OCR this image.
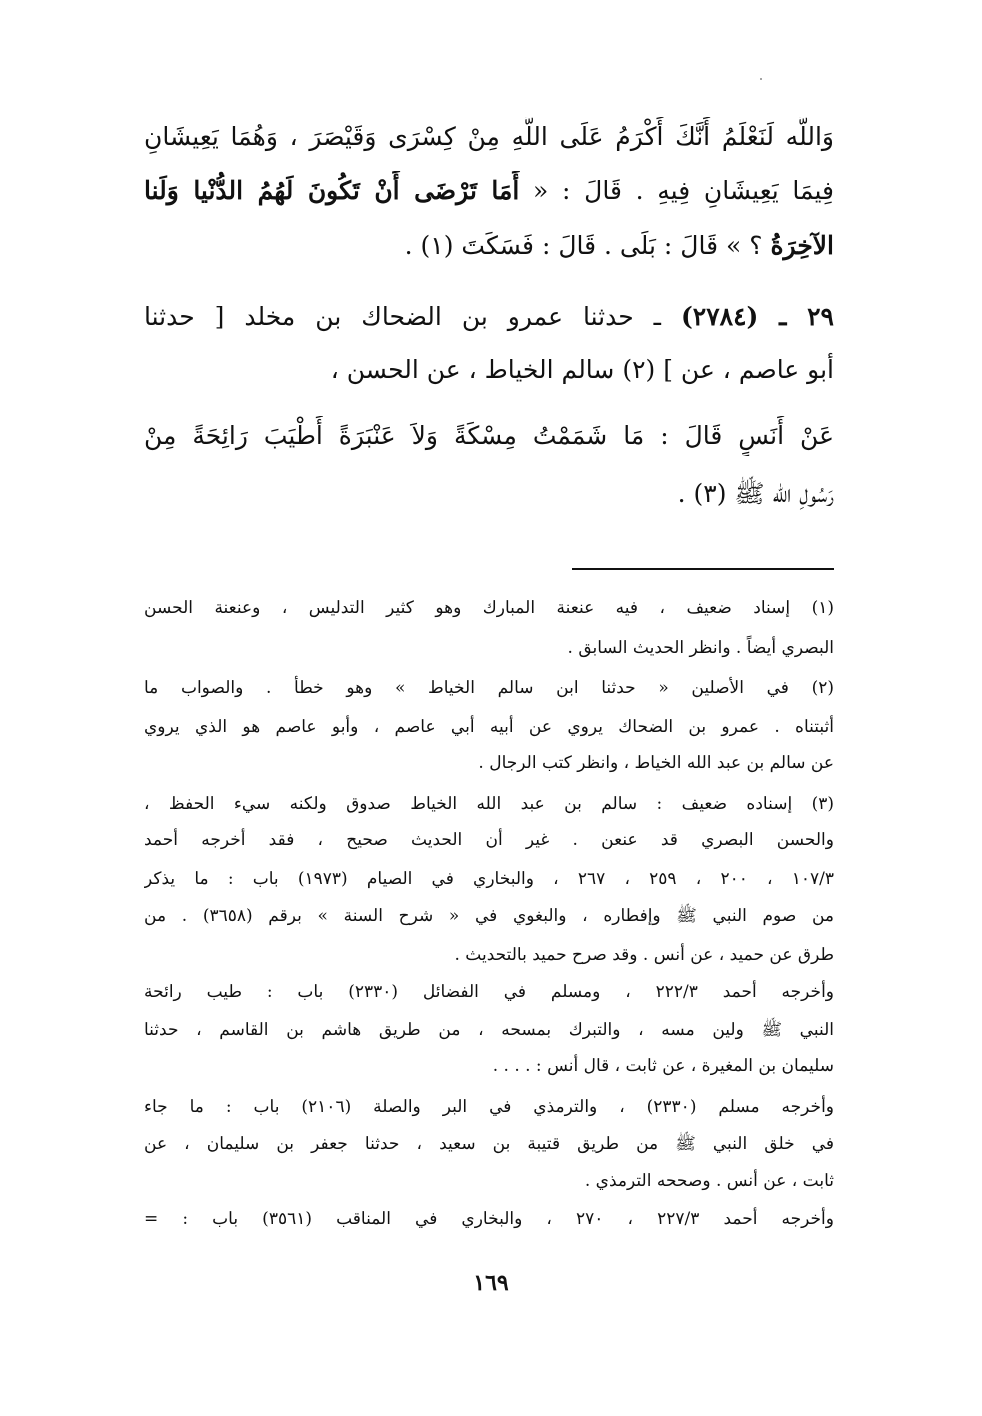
وَاللَّه لَنَعْلَمُ أَنَّكَ أَكْرَمُ عَلَى اللَّهِ مِنْ كِسْرَى وَقَيْصَرَ ، وَهُمَا يَعِيشَانِ
فِيمَا يَعِيشَانِ فِيهِ . قَالَ : « أَمَا تَرْضَى أَنْ تَكُونَ لَهُمُ الدُّنْيا وَلَنا
الآخِرَةُ ؟ » قَالَ : بَلَى . قَالَ : فَسَكَتَ (١) .
٢٩ ـ (٢٧٨٤) ـ حدثنا عمرو بن الضحاك بن مخلد [ حدثنا
أبو عاصم ، عن ] (٢) سالم الخياط ، عن الحسن ،
عَنْ أَنَسٍ قَالَ : مَا شَمَمْتُ مِسْكَةً وَلاَ عَنْبَرَةً أَطْيَبَ رَائِحَةً مِنْ
رَسُولِ الله ﷺ (٣) .
(١) إسناد ضعيف ، فيه عنعنة المبارك وهو كثير التدليس ، وعنعنة الحسن
البصري أيضاً . وانظر الحديث السابق .
(٢) في الأصلين « حدثنا ابن سالم الخياط » وهو خطأ . والصواب ما
أثبتناه . عمرو بن الضحاك يروي عن أبيه أبي عاصم ، وأبو عاصم هو الذي يروي
عن سالم بن عبد الله الخياط ، وانظر كتب الرجال .
(٣) إسناده ضعيف : سالم بن عبد الله الخياط صدوق ولكنه سيء الحفظ ،
والحسن البصري قد عنعن . غير أن الحديث صحيح ، فقد أخرجه أحمد
١٠٧/٣ ، ٢٠٠ ، ٢٥٩ ، ٢٦٧ ، والبخاري في الصيام (١٩٧٣) باب : ما يذكر
من صوم النبي ﷺ وإفطاره ، والبغوي في « شرح السنة » برقم (٣٦٥٨) . من
طرق عن حميد ، عن أنس . وقد صرح حميد بالتحديث .
وأخرجه أحمد ٢٢٢/٣ ، ومسلم في الفضائل (٢٣٣٠) باب : طيب رائحة
النبي ﷺ ولين مسه ، والتبرك بمسحه ، من طريق هاشم بن القاسم ، حدثنا
سليمان بن المغيرة ، عن ثابت ، قال أنس : . . . .
وأخرجه مسلم (٢٣٣٠) ، والترمذي في البر والصلة (٢١٠٦) باب : ما جاء
في خلق النبي ﷺ من طريق قتيبة بن سعيد ، حدثنا جعفر بن سليمان ، عن
ثابت ، عن أنس . وصححه الترمذي .
وأخرجه أحمد ٢٢٧/٣ ، ٢٧٠ ، والبخاري في المناقب (٣٥٦١) باب : =
١٦٩
